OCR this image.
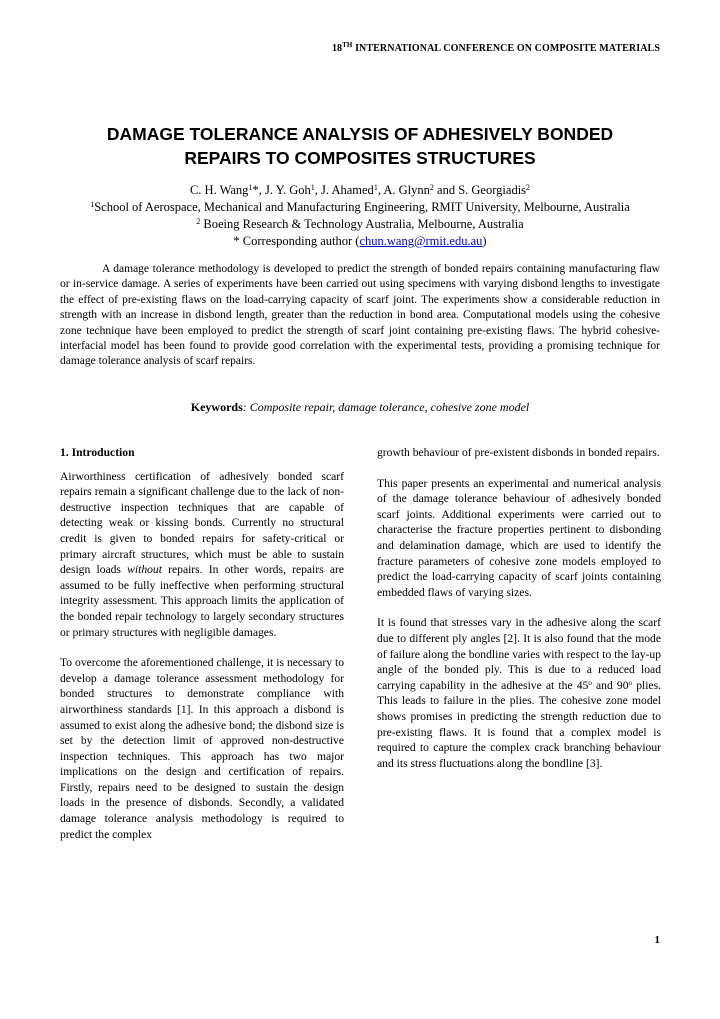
18TH INTERNATIONAL CONFERENCE ON COMPOSITE MATERIALS
DAMAGE TOLERANCE ANALYSIS OF ADHESIVELY BONDED
REPAIRS TO COMPOSITES STRUCTURES
C. H. Wang$^1$*, J. Y. Goh$^1$, J. Ahamed$^1$, A. Glynn$^2$ and S. Georgiadis$^2$
$^1$School of Aerospace, Mechanical and Manufacturing Engineering, RMIT University, Melbourne, Australia
$^2$ Boeing Research & Technology Australia, Melbourne, Australia
* Corresponding author (chun.wang@rmit.edu.au)
A damage tolerance methodology is developed to predict the strength of bonded repairs containing manufacturing flaw or in-service damage. A series of experiments have been carried out using specimens with varying disbond lengths to investigate the effect of pre-existing flaws on the load-carrying capacity of scarf joint. The experiments show a considerable reduction in strength with an increase in disbond length, greater than the reduction in bond area. Computational models using the cohesive zone technique have been employed to predict the strength of scarf joint containing pre-existing flaws. The hybrid cohesive-interfacial model has been found to provide good correlation with the experimental tests, providing a promising technique for damage tolerance analysis of scarf repairs.
Keywords: Composite repair, damage tolerance, cohesive zone model
1. Introduction

Airworthiness certification of adhesively bonded scarf repairs remain a significant challenge due to the lack of non-destructive inspection techniques that are capable of detecting weak or kissing bonds. Currently no structural credit is given to bonded repairs for safety-critical or primary aircraft structures, which must be able to sustain design loads without repairs. In other words, repairs are assumed to be fully ineffective when performing structural integrity assessment. This approach limits the application of the bonded repair technology to largely secondary structures or primary structures with negligible damages.

To overcome the aforementioned challenge, it is necessary to develop a damage tolerance assessment methodology for bonded structures to demonstrate compliance with airworthiness standards [1]. In this approach a disbond is assumed to exist along the adhesive bond; the disbond size is set by the detection limit of approved non-destructive inspection techniques. This approach has two major implications on the design and certification of repairs. Firstly, repairs need to be designed to sustain the design loads in the presence of disbonds. Secondly, a validated damage tolerance analysis methodology is required to predict the complex

growth behaviour of pre-existent disbonds in bonded repairs.

This paper presents an experimental and numerical analysis of the damage tolerance behaviour of adhesively bonded scarf joints. Additional experiments were carried out to characterise the fracture properties pertinent to disbonding and delamination damage, which are used to identify the fracture parameters of cohesive zone models employed to predict the load-carrying capacity of scarf joints containing embedded flaws of varying sizes.

It is found that stresses vary in the adhesive along the scarf due to different ply angles [2]. It is also found that the mode of failure along the bondline varies with respect to the lay-up angle of the bonded ply. This is due to a reduced load carrying capability in the adhesive at the 45$^o$ and 90$^o$ plies. This leads to failure in the plies. The cohesive zone model shows promises in predicting the strength reduction due to pre-existing flaws. It is found that a complex model is required to capture the complex crack branching behaviour and its stress fluctuations along the bondline [3].

1
